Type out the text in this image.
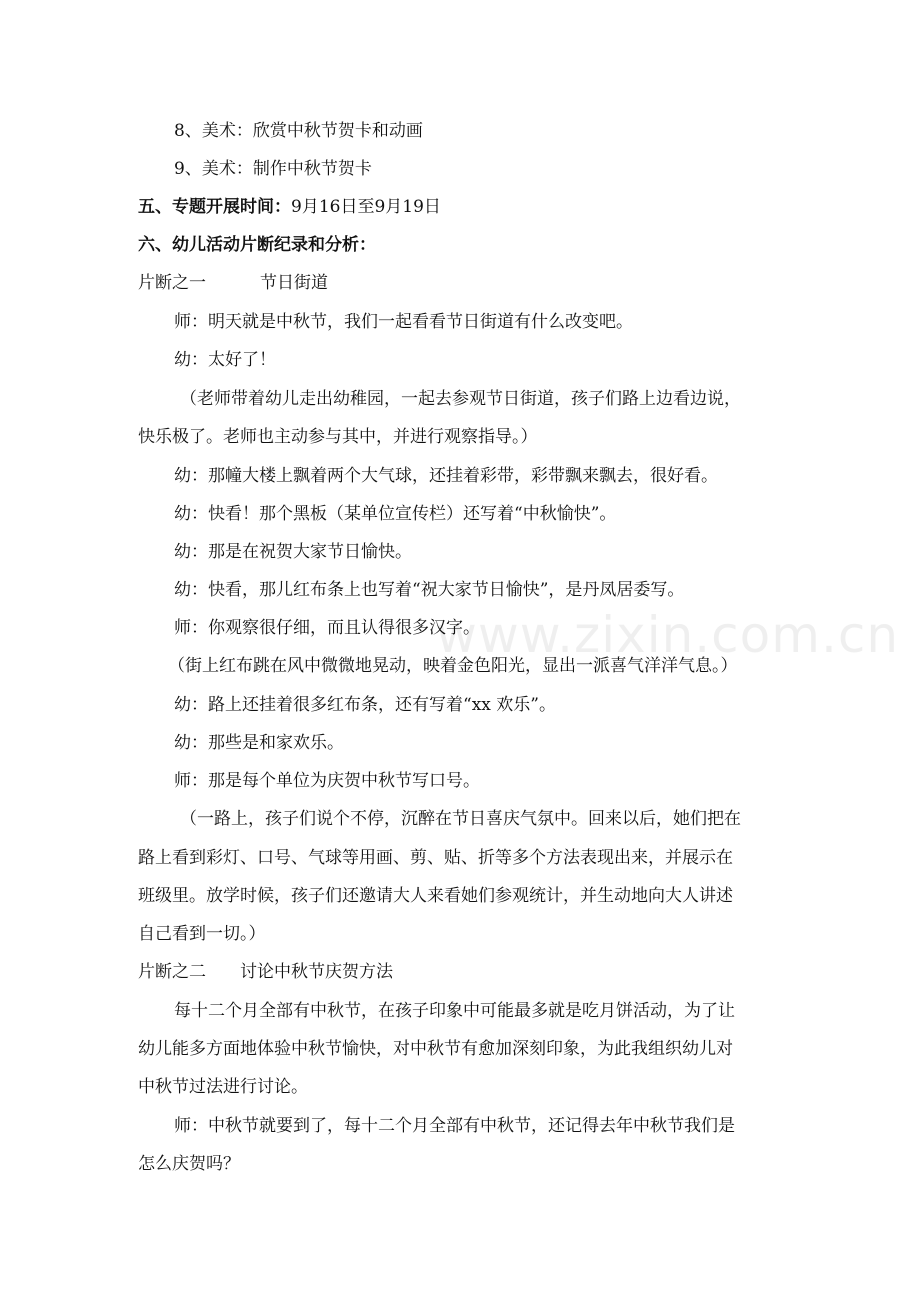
8、美术：欣赏中秋节贺卡和动画
9、美术：制作中秋节贺卡
五、专题开展时间：9月16日至9月19日
六、幼儿活动片断纪录和分析：
片断之一	节日街道
师：明天就是中秋节，我们一起看看节日街道有什么改变吧。
幼：太好了！
（老师带着幼儿走出幼稚园，一起去参观节日街道，孩子们路上边看边说，
快乐极了。老师也主动参与其中，并进行观察指导。）
幼：那幢大楼上飘着两个大气球，还挂着彩带，彩带飘来飘去，很好看。
幼：快看！那个黑板（某单位宣传栏）还写着“中秋愉快”。
幼：那是在祝贺大家节日愉快。
幼：快看，那儿红布条上也写着“祝大家节日愉快”，是丹凤居委写。
师：你观察很仔细，而且认得很多汉字。
（街上红布跳在风中微微地晃动，映着金色阳光，显出一派喜气洋洋气息。）
幼：路上还挂着很多红布条，还有写着“xx 欢乐”。
幼：那些是和家欢乐。
师：那是每个单位为庆贺中秋节写口号。
（一路上，孩子们说个不停，沉醉在节日喜庆气氛中。回来以后，她们把在
路上看到彩灯、口号、气球等用画、剪、贴、折等多个方法表现出来，并展示在
班级里。放学时候，孩子们还邀请大人来看她们参观统计，并生动地向大人讲述
自己看到一切。）
片断之二 讨论中秋节庆贺方法
每十二个月全部有中秋节，在孩子印象中可能最多就是吃月饼活动，为了让
幼儿能多方面地体验中秋节愉快，对中秋节有愈加深刻印象，为此我组织幼儿对
中秋节过法进行讨论。
师：中秋节就要到了，每十二个月全部有中秋节，还记得去年中秋节我们是
怎么庆贺吗？
www.zixin.com.cn
